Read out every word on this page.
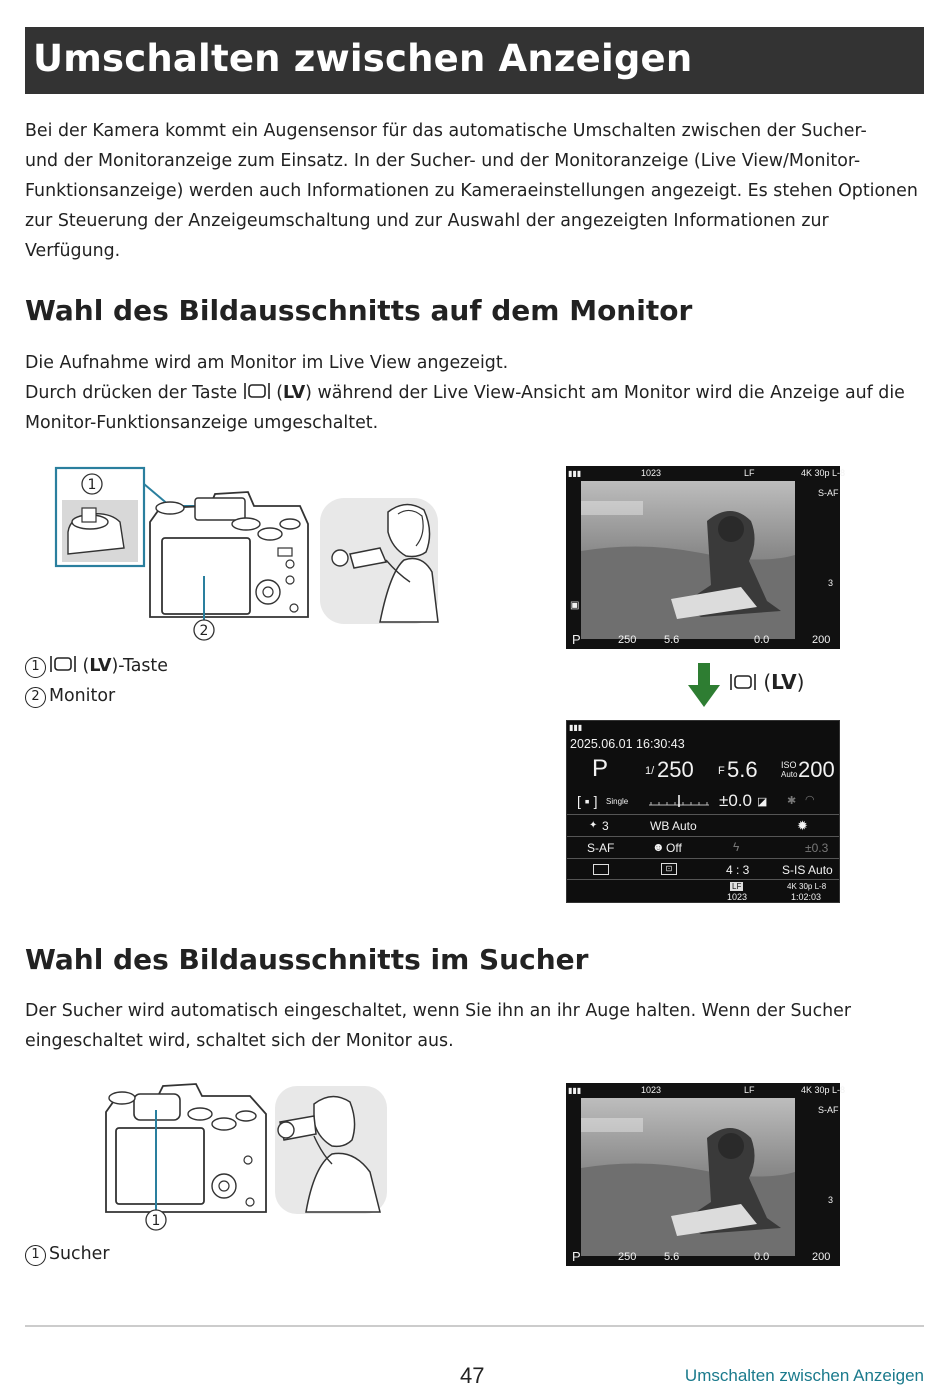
Umschalten zwischen Anzeigen
Bei der Kamera kommt ein Augensensor für das automatische Umschalten zwischen der Sucher-
und der Monitoranzeige zum Einsatz. In der Sucher- und der Monitoranzeige (Live View/Monitor-
Funktionsanzeige) werden auch Informationen zu Kameraeinstellungen angezeigt. Es stehen Optionen
zur Steuerung der Anzeigeumschaltung und zur Auswahl der angezeigten Informationen zur
Verfügung.
Wahl des Bildausschnitts auf dem Monitor
Die Aufnahme wird am Monitor im Live View angezeigt.
Durch drücken der Taste  (LV) während der Live View-Ansicht am Monitor wird die Anzeige auf die
Monitor-Funktionsanzeige umgeschaltet.
1
2
1 (LV)-Taste
2 Monitor
▮▮▮	1023	LF	4K 30p L-8
S-AF
3
▣
P	250	5.6	0.0	200
(LV)
▮▮▮
2025.06.01 16:30:43
P	1/ 250 F 5.6	ISO
Auto 200
[ ▪ ] Single	±0.0 ◪ ✱ ◠
✦ 3	WB Auto	✹
S-AF	☻ Off	ϟ	±0.3
⊡	4 : 3	S-IS Auto
LF
1023
4K 30p L-8
1:02:03
Wahl des Bildausschnitts im Sucher
Der Sucher wird automatisch eingeschaltet, wenn Sie ihn an ihr Auge halten. Wenn der Sucher
eingeschaltet wird, schaltet sich der Monitor aus.
1
1 Sucher
▮▮▮	1023	LF	4K 30p L-8
S-AF
3
P	250	5.6	0.0	200
47	Umschalten zwischen Anzeigen
